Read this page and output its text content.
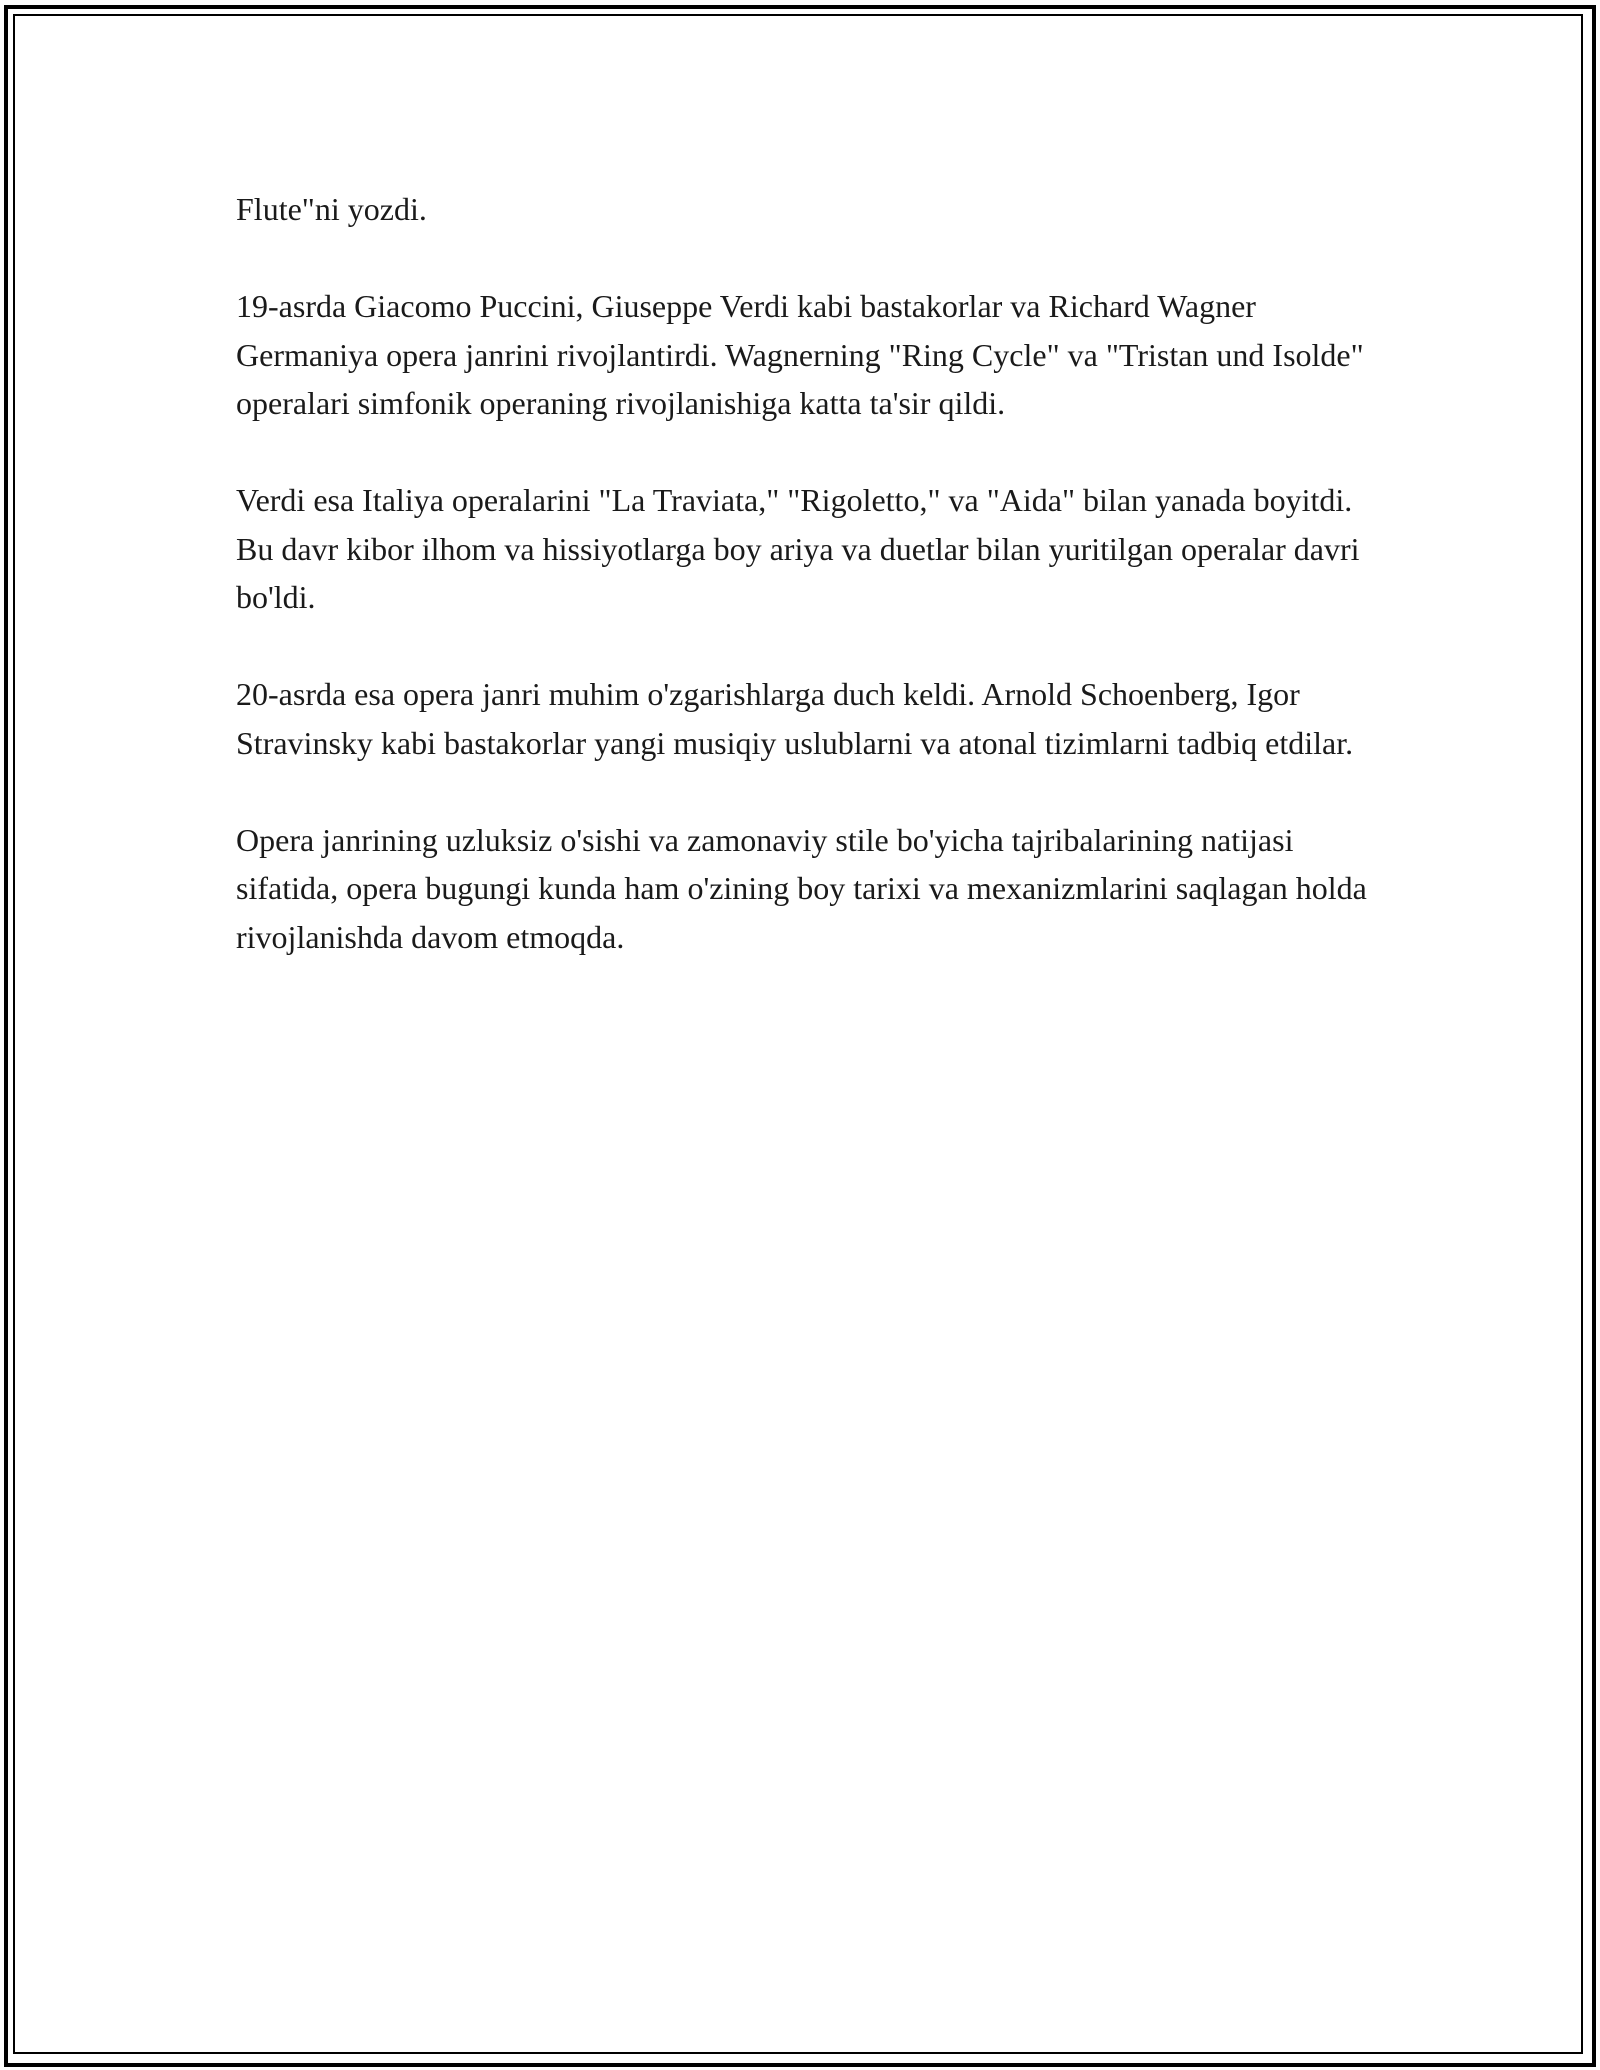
Flute"ni yozdi.

19-asrda Giacomo Puccini, Giuseppe Verdi kabi bastakorlar va Richard Wagner Germaniya opera janrini rivojlantirdi. Wagnerning "Ring Cycle" va "Tristan und Isolde" operalari simfonik operaning rivojlanishiga katta ta'sir qildi.

Verdi esa Italiya operalarini "La Traviata," "Rigoletto," va "Aida" bilan yanada boyitdi. Bu davr kibor ilhom va hissiyotlarga boy ariya va duetlar bilan yuritilgan operalar davri bo'ldi.

20-asrda esa opera janri muhim o'zgarishlarga duch keldi. Arnold Schoenberg, Igor Stravinsky kabi bastakorlar yangi musiqiy uslublarni va atonal tizimlarni tadbiq etdilar.

Opera janrining uzluksiz o'sishi va zamonaviy stile bo'yicha tajribalarining natijasi sifatida, opera bugungi kunda ham o'zining boy tarixi va mexanizmlarini saqlagan holda rivojlanishda davom etmoqda.
